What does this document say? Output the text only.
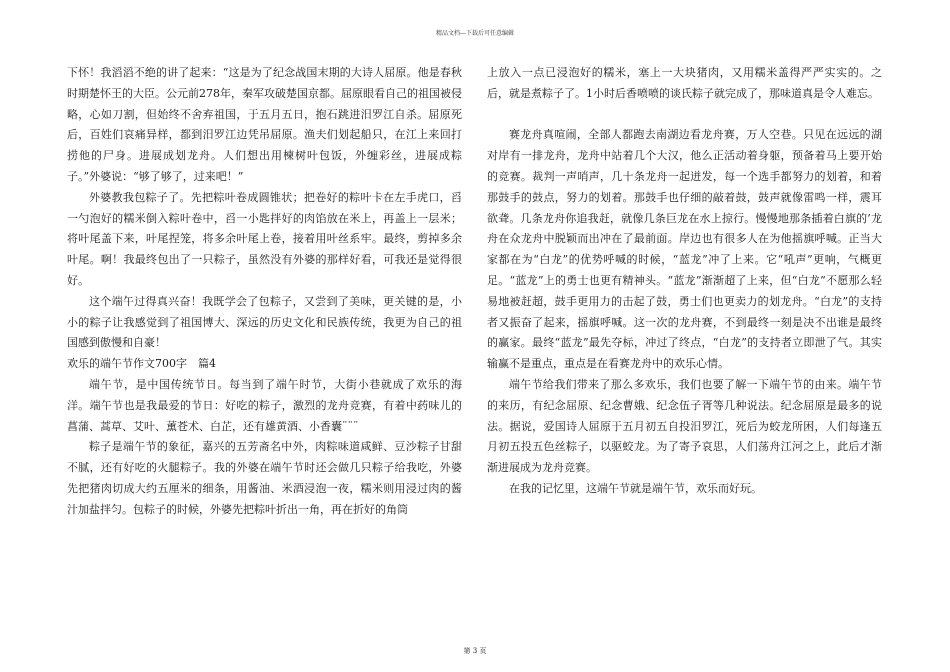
精品文档---下载后可任意编辑

下怀！我滔滔不绝的讲了起来：“这是为了纪念战国末期的大诗人屈原。他是春秋时期楚怀王的大臣。公元前278年，秦军攻破楚国京都。屈原眼看自己的祖国被侵略，心如刀割，但始终不舍弃祖国，于五月五日，抱石跳进汨罗江自杀。屈原死后，百姓们哀痛异样，都到汨罗江边凭吊屈原。渔夫们划起船只，在江上来回打捞他的尸身。进展成划龙舟。人们想出用楝树叶包饭，外缠彩丝，进展成粽子。”外婆说：“够了够了，过来吧！”

外婆教我包粽子了。先把粽叶卷成圆锥状；把卷好的粽叶卡在左手虎口，舀一勺泡好的糯米倒入粽叶卷中，舀一小匙拌好的肉馅放在米上，再盖上一层米；将叶尾盖下来，叶尾捏笼，将多余叶尾上卷，接着用叶丝系牢。最终，剪掉多余叶尾。啊！我最终包出了一只粽子，虽然没有外婆的那样好看，可我还是觉得很好。

这个端午过得真兴奋！我既学会了包粽子，又尝到了美味，更关键的是，小小的粽子让我感觉到了祖国博大、深远的历史文化和民族传统，我更为自己的祖国感到傲慢和自豪！

欢乐的端午节作文700字　篇4

端午节，是中国传统节日。每当到了端午时节，大街小巷就成了欢乐的海洋。端午节也是我最爱的节日：好吃的粽子，激烈的龙舟竞赛，有着中药味儿的菖蒲、蒿草、艾叶、薰苍术、白芷，还有雄黄酒、小香囊¨¨¨

粽子是端午节的象征，嘉兴的五芳斋名中外，肉粽味道咸鲜、豆沙粽子甘甜不腻，还有好吃的火腿粽子。我的外婆在端午节时还会做几只粽子给我吃，外婆先把猪肉切成大约五厘米的细条，用酱油、米酒浸泡一夜，糯米则用浸过肉的酱汁加盐拌匀。包粽子的时候，外婆先把粽叶折出一角，再在折好的角筒

上放入一点已浸泡好的糯米，塞上一大块猪肉，又用糯米盖得严严实实的。之后，就是煮粽子了。1小时后香喷喷的谈氏粽子就完成了，那味道真是令人难忘。

赛龙舟真喧闹，全部人都跑去南湖边看龙舟赛，万人空巷。只见在远远的湖对岸有一排龙舟，龙舟中站着几个大汉，他么正活动着身躯，预备着马上要开始的竞赛。裁判一声哨声，几十条龙舟一起迸发，每一个选手都努力的划着，和着那鼓手的鼓点，努力的划着。那鼓手也仔细的敲着鼓，鼓声就像雷鸣一样，震耳欲聋。几条龙舟你追我赶，就像几条巨龙在水上掠行。慢慢地那条插着白旗的’龙舟在众龙舟中脱颖而出冲在了最前面。岸边也有很多人在为他摇旗呼喊。正当大家都在为“白龙”的优势呼喊的时候，“蓝龙”冲了上来。它“吼声”更响，气概更足。“蓝龙”上的勇士也更有精神头。“蓝龙”渐渐超了上来，但“白龙”不愿那么轻易地被赶超，鼓手更用力的击起了鼓，勇士们也更卖力的划龙舟。“白龙”的支持者又振奋了起来，摇旗呼喊。这一次的龙舟赛，不到最终一刻是决不出谁是最终的赢家。最终“蓝龙”最先夺标，冲过了终点，“白龙”的支持者立即泄了气。其实输赢不是重点，重点是在看赛龙舟中的欢乐心情。

端午节给我们带来了那么多欢乐，我们也要了解一下端午节的由来。端午节的来历，有纪念屈原、纪念曹娥、纪念伍子胥等几种说法。纪念屈原是最多的说法。据说，爱国诗人屈原于五月初五自投汨罗江，死后为蛟龙所困，人们每逢五月初五投五色丝粽子，以驱蛟龙。为了寄予哀思，人们荡舟江河之上，此后才渐渐进展成为龙舟竞赛。

在我的记忆里，这端午节就是端午节，欢乐而好玩。

第 3 页
